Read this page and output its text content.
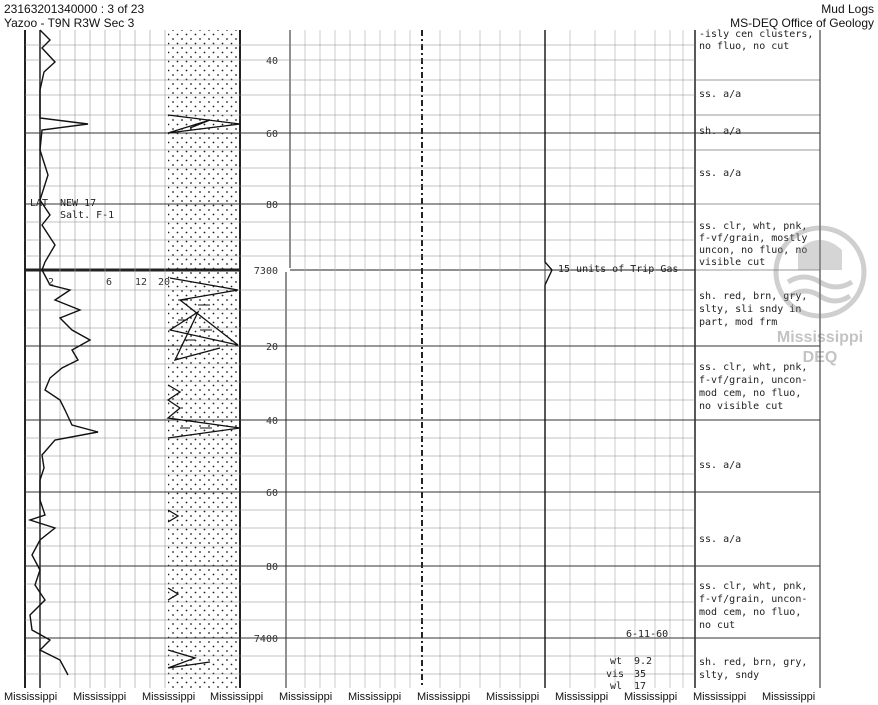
23163201340000 : 3 of 23
Yazoo - T9N R3W Sec 3
Mud Logs
MS-DEQ Office of Geology
2	6 12 20
40
60
80
7300
20
40
60
80
7400
LAT NEW 17
Salt. F-1
15 units of Trip Gas
6-11-60
wt 9.2
vis 35
wl 17
-isly cen clusters,
no fluo, no cut
ss. a/a
sh. a/a
ss. a/a
ss. clr, wht, pnk,
f-vf/grain, mostly
uncon, no fluo, no
visible cut
sh. red, brn, gry,
slty, sli sndy in
part, mod frm
ss. clr, wht, pnk,
f-vf/grain, uncon-
mod cem, no fluo,
no visible cut
ss. a/a
ss. a/a
ss. clr, wht, pnk,
f-vf/grain, uncon-
mod cem, no fluo,
no cut
sh. red, brn, gry,
slty, sndy
Mississippi
DEQ
Mississippi Mississippi Mississippi Mississippi Mississippi Mississippi Mississippi Mississippi Mississippi Mississippi Mississippi Mississippi
